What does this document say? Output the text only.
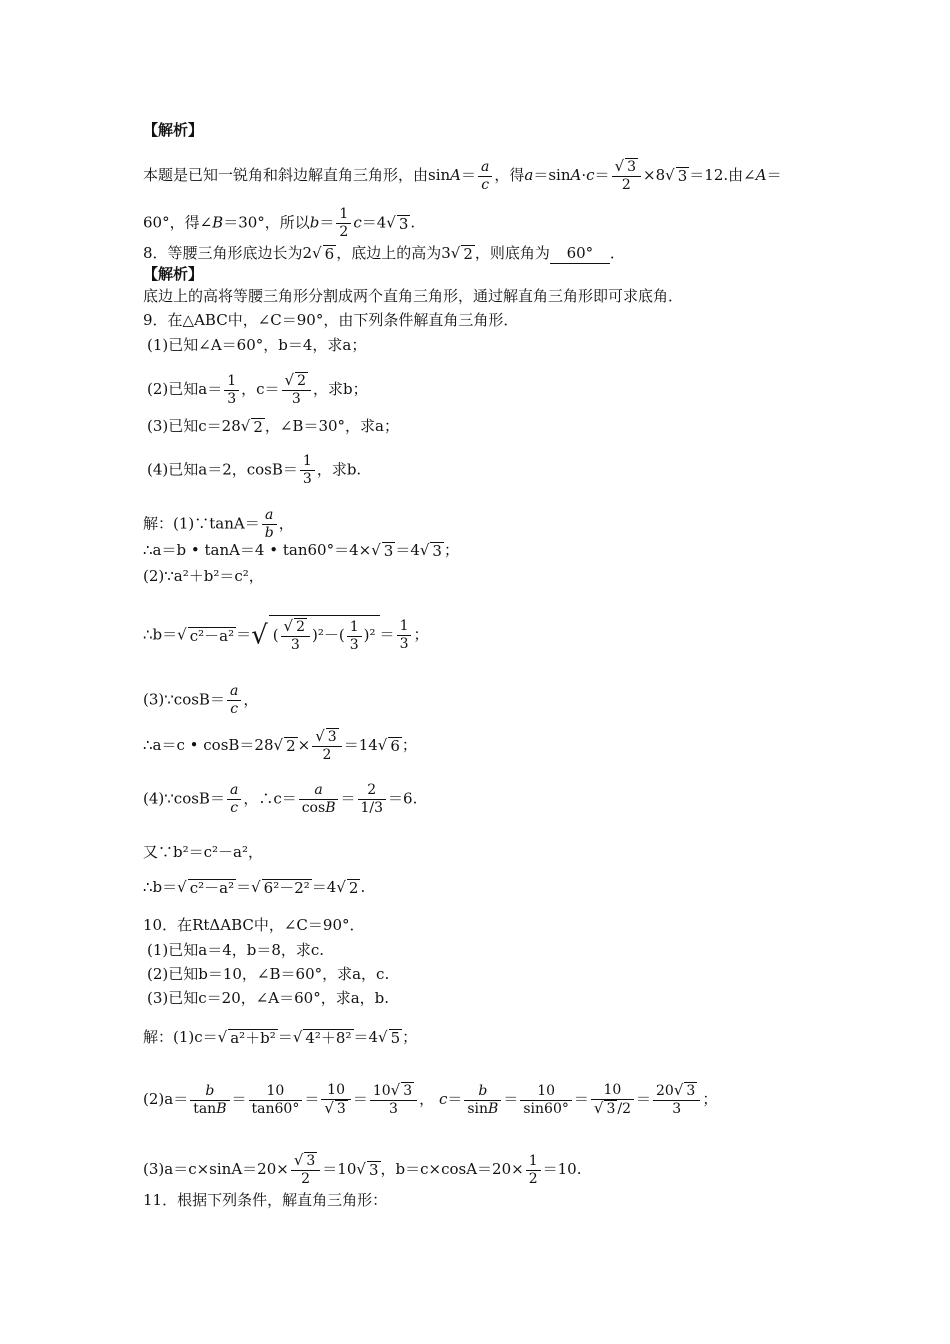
【解析】
本题是已知一锐角和斜边解直角三角形，由$\sin A= \frac{a}{c}$ ，得$a=\sin A\cdot c= \frac{√ 3}{2} \times 8√$ 3 ＝12.由∠A＝
60°，得∠B＝30°，所以$b= \frac{1}{2} c=4√$ 3 .
8．等腰三角形底边长为2√ 6 ，底边上的高为3√ 2 ，则底角为 60° ．
【解析】
底边上的高将等腰三角形分割成两个直角三角形，通过解直角三角形即可求底角．
9．在△ABC中，∠C＝90°，由下列条件解直角三角形．
(1)已知∠A＝60°，b＝4，求a；
(2)已知$a= \frac{1}{3}$ ，$c= \frac{√ 2}{3}$ ，求b；
(3)已知c＝28√ 2 ，∠B＝30°，求a；
(4)已知a＝2，$\cos B= \frac{1}{3}$ ，求b.
解：(1)∵tanA＝ $\frac{a}{b}$ ，
∴a＝b • tanA＝4 • tan60°＝4×√ 3 ＝4√ 3 ；
(2)∵a²＋b²＝c²，
∴b＝√ c²－a² ＝√ ( $\frac{√ 2}{3} )^2-( \frac{1}{3} )^2 = \frac{1}{3}$ ；
(3)∵cosB＝ $\frac{a}{c}$ ，
∴a＝c • cosB＝28√ $2 \times \frac{√ 3}{2} =14√$ 6 ；
(4)∵cosB＝ $\frac{a}{c}$ ，∴c＝ $\frac{a}{\cos B} = \frac{2}{1/3} =6$.
又∵b²＝c²－a²，
∴b＝√ c²－a² ＝√ 6²－2² ＝4√ 2 .
10．在RtΔABC中，∠C＝90°．
(1)已知a＝4，b＝8，求c.
(2)已知b＝10，∠B＝60°，求a，c.
(3)已知c＝20，∠A＝60°，求a，b.
解：(1)c＝√ a²＋b² ＝√ 4²＋8² ＝4√ 5 ；
$(2)a= \frac{b}{\tan B} = \frac{10}{\tan 60^\circ} = \frac{10}{√ 3} = \frac{10√ 3}{3}$ ， $c= \frac{b}{\sin B} = \frac{10}{\sin 60^\circ} = \frac{10}{√ 3 /2} = \frac{20√ 3}{3}$ ；
$(3)a=c\times\sin A=20\times \frac{√ 3}{2} =10√$ 3 ，$b=c\times\cos A=20\times \frac{1}{2} =10$.
11．根据下列条件，解直角三角形：
